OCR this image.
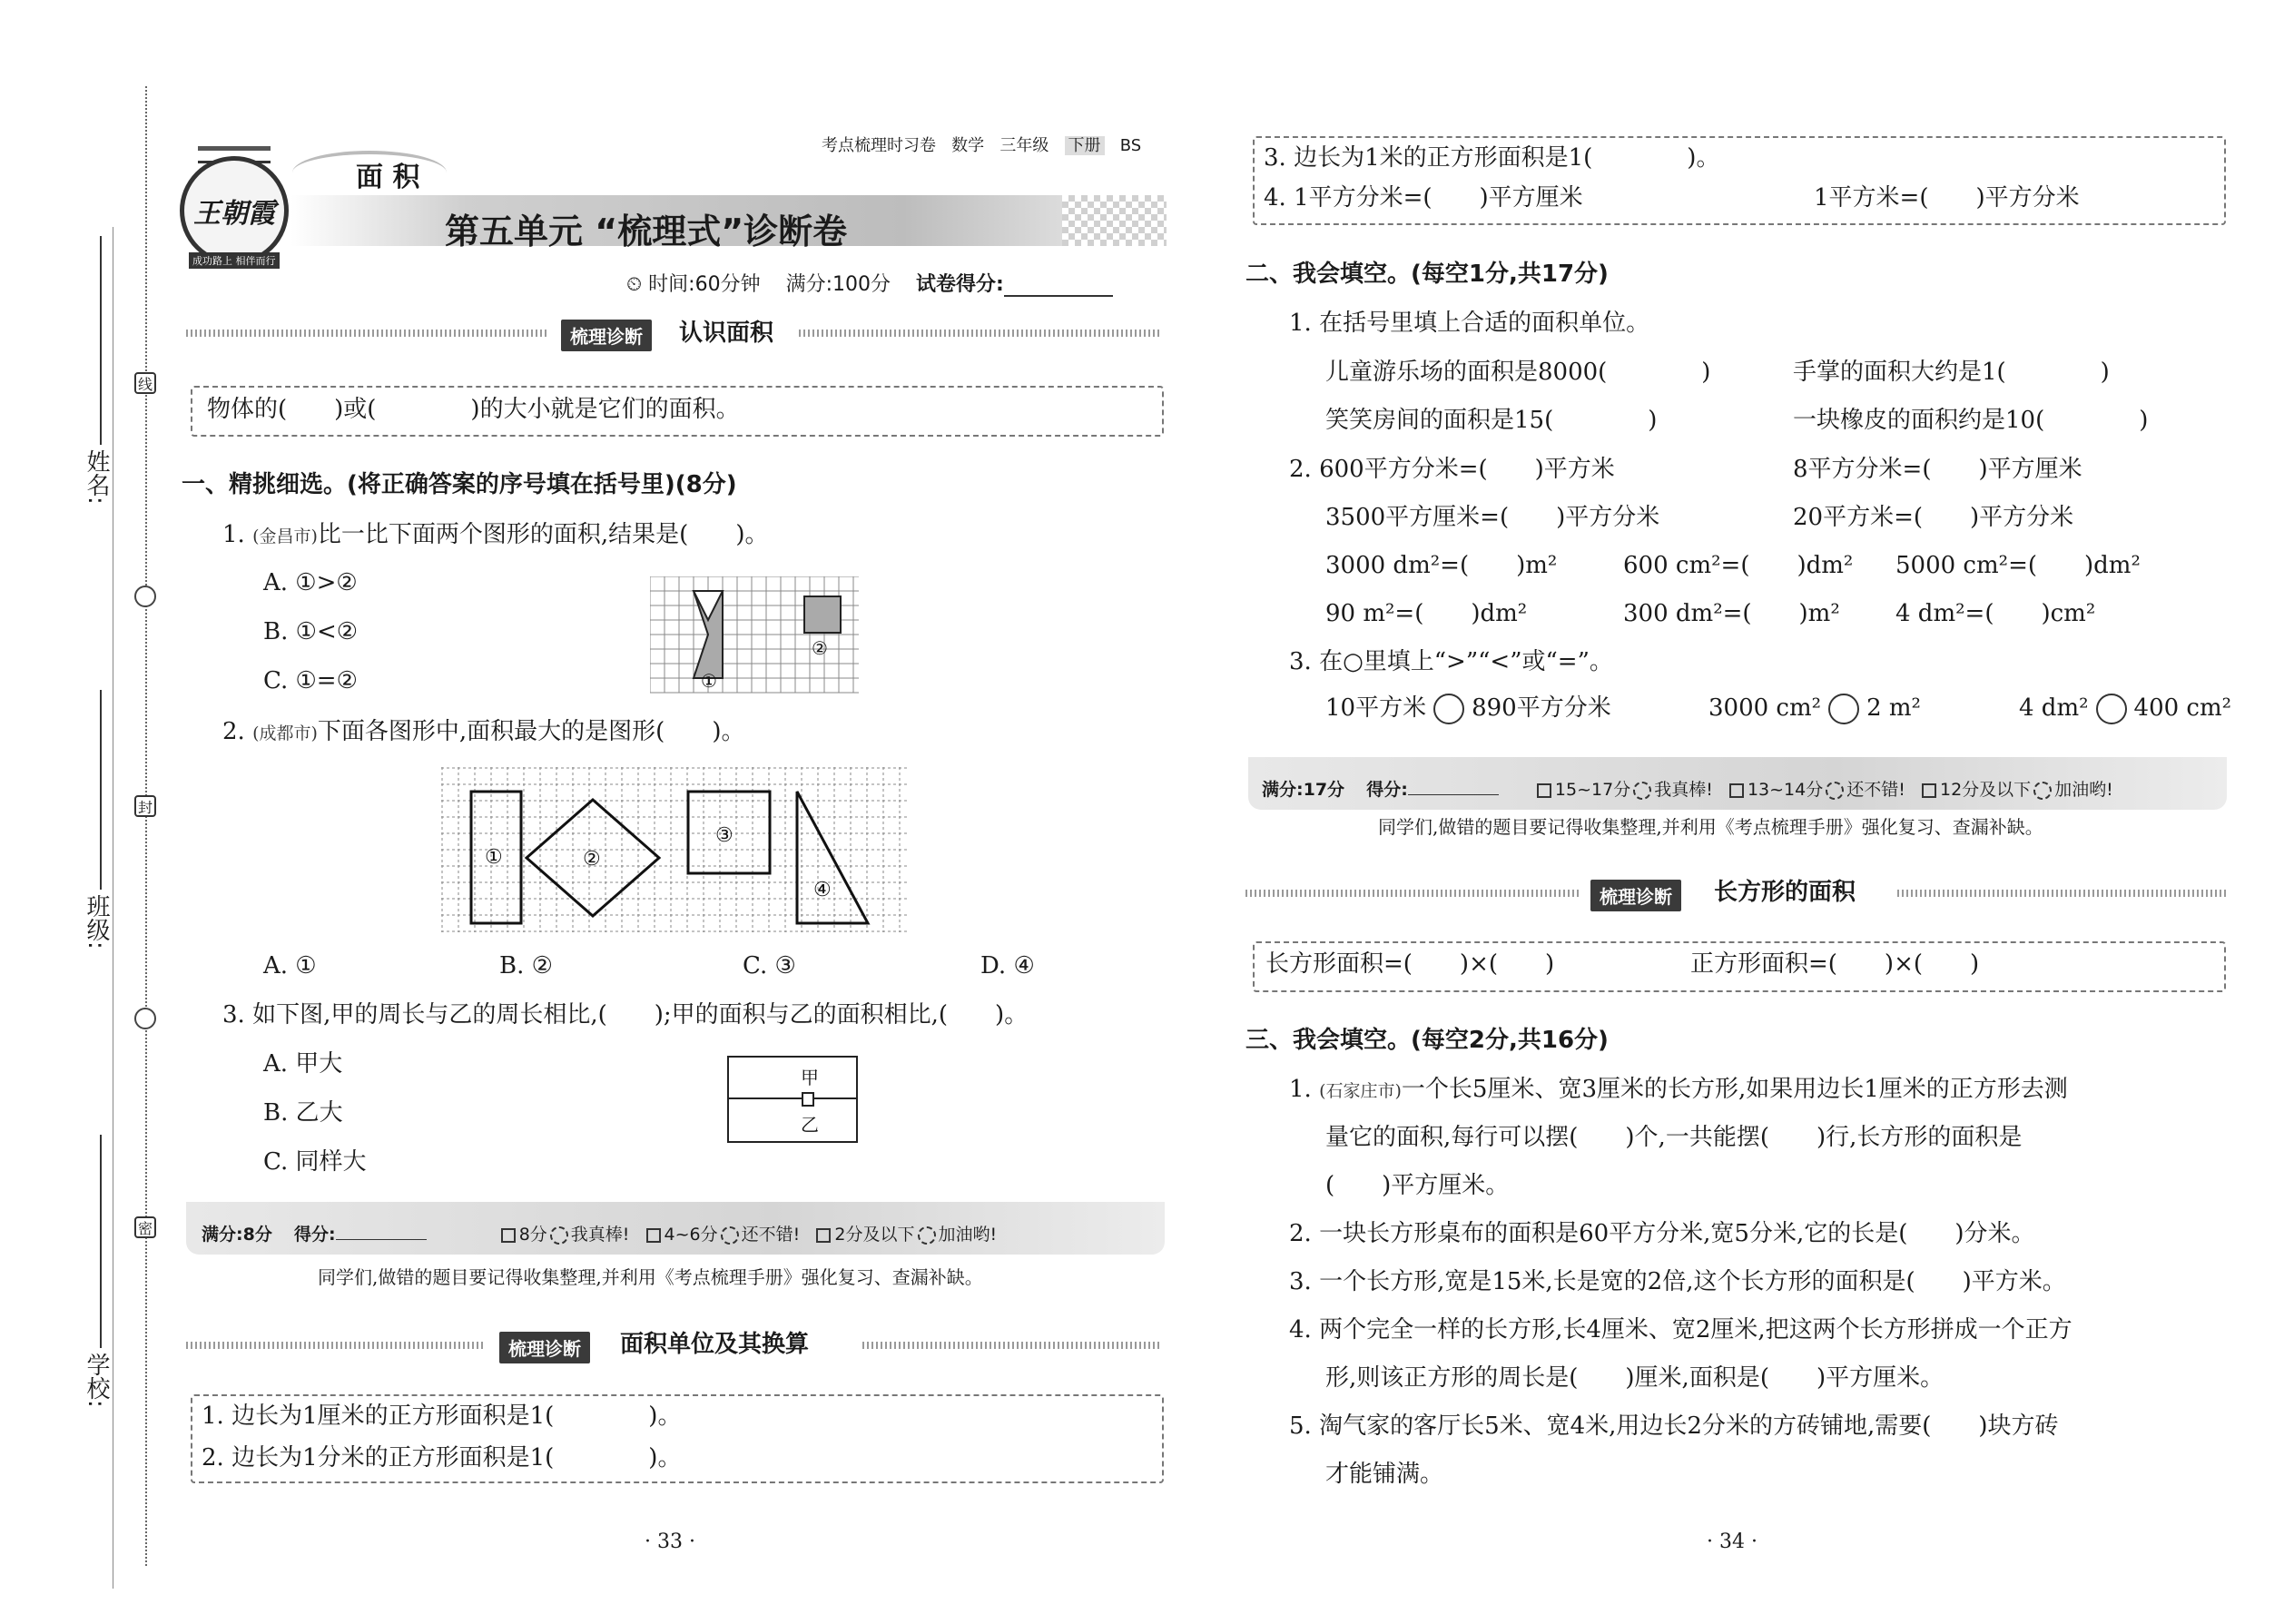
姓名:
班级:
学校:
线
封
密
考点梳理时习卷 数学 三年级 下册 BS
王朝霞
成功路上 相伴而行
面 积
第五单元 “梳理式”诊断卷
⏲ 时间:60分钟 满分:100分 试卷得分:
梳理诊断	认识面积
物体的(　　)或(　　　　)的大小就是它们的面积。
一、精挑细选。(将正确答案的序号填在括号里)(8分)
1. (金昌市)比一比下面两个图形的面积,结果是(　　)。
A. ①>②
B. ①<②
C. ①=②	①
②
2. (成都市)下面各图形中,面积最大的是图形(　　)。
①	②
③
④
A. ①	B. ②	C. ③	D. ④
3. 如下图,甲的周长与乙的周长相比,(　　);甲的面积与乙的面积相比,(　　)。
A. 甲大
B. 乙大
C. 同样大
甲
乙
满分:8分 得分:	8分 我真棒! 4~6分 还不错! 2分及以下 加油哟!
同学们,做错的题目要记得收集整理,并利用《考点梳理手册》强化复习、查漏补缺。
梳理诊断	面积单位及其换算
1. 边长为1厘米的正方形面积是1(　　　　)。
2. 边长为1分米的正方形面积是1(　　　　)。
· 33 ·
3. 边长为1米的正方形面积是1(　　　　)。
4. 1平方分米=(　　)平方厘米	1平方米=(　　)平方分米
二、我会填空。(每空1分,共17分)
1. 在括号里填上合适的面积单位。
儿童游乐场的面积是8000(　　　　)	手掌的面积大约是1(　　　　)
笑笑房间的面积是15(　　　　)	一块橡皮的面积约是10(　　　　)
2. 600平方分米=(　　)平方米	8平方分米=(　　)平方厘米
3500平方厘米=(　　)平方分米	20平方米=(　　)平方分米
3000 dm²=(　　)m²	600 cm²=(　　)dm² 5000 cm²=(　　)dm²
90 m²=(　　)dm²	300 dm²=(　　)m² 4 dm²=(　　)cm²
3. 在○里填上“>”“<”或“=”。
10平方米 890平方分米	3000 cm² 2 m²	4 dm² 400 cm²
满分:17分 得分:	15~17分 我真棒! 13~14分 还不错! 12分及以下 加油哟!
同学们,做错的题目要记得收集整理,并利用《考点梳理手册》强化复习、查漏补缺。
梳理诊断	长方形的面积
长方形面积=(　　)×(　　)	正方形面积=(　　)×(　　)
三、我会填空。(每空2分,共16分)
1. (石家庄市)一个长5厘米、宽3厘米的长方形,如果用边长1厘米的正方形去测
量它的面积,每行可以摆(　　)个,一共能摆(　　)行,长方形的面积是
(　　)平方厘米。
2. 一块长方形桌布的面积是60平方分米,宽5分米,它的长是(　　)分米。
3. 一个长方形,宽是15米,长是宽的2倍,这个长方形的面积是(　　)平方米。
4. 两个完全一样的长方形,长4厘米、宽2厘米,把这两个长方形拼成一个正方
形,则该正方形的周长是(　　)厘米,面积是(　　)平方厘米。
5. 淘气家的客厅长5米、宽4米,用边长2分米的方砖铺地,需要(　　)块方砖
才能铺满。
· 34 ·
